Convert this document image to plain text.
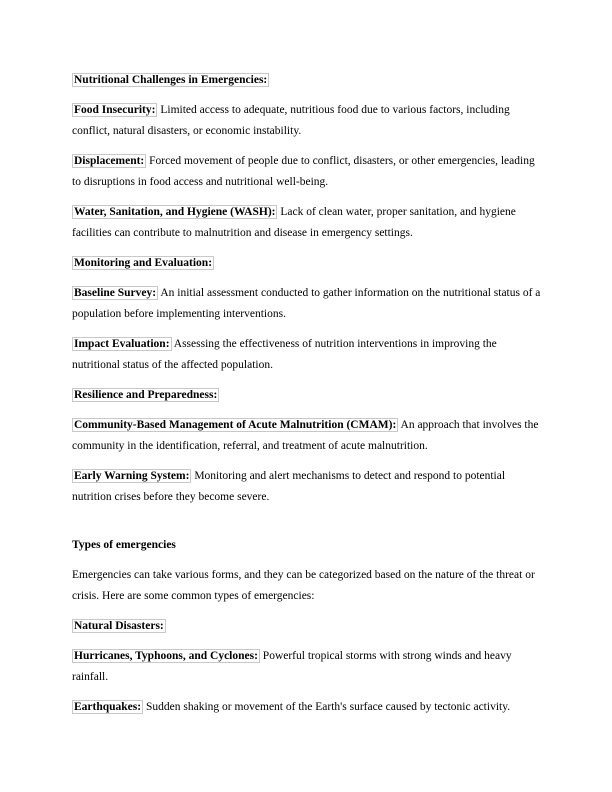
Nutritional Challenges in Emergencies:

Food Insecurity: Limited access to adequate, nutritious food due to various factors, including conflict, natural disasters, or economic instability.

Displacement: Forced movement of people due to conflict, disasters, or other emergencies, leading to disruptions in food access and nutritional well-being.

Water, Sanitation, and Hygiene (WASH): Lack of clean water, proper sanitation, and hygiene facilities can contribute to malnutrition and disease in emergency settings.

Monitoring and Evaluation:

Baseline Survey: An initial assessment conducted to gather information on the nutritional status of a population before implementing interventions.

Impact Evaluation: Assessing the effectiveness of nutrition interventions in improving the nutritional status of the affected population.

Resilience and Preparedness:

Community-Based Management of Acute Malnutrition (CMAM): An approach that involves the community in the identification, referral, and treatment of acute malnutrition.

Early Warning System: Monitoring and alert mechanisms to detect and respond to potential nutrition crises before they become severe.

Types of emergencies

Emergencies can take various forms, and they can be categorized based on the nature of the threat or crisis. Here are some common types of emergencies:

Natural Disasters:

Hurricanes, Typhoons, and Cyclones: Powerful tropical storms with strong winds and heavy rainfall.

Earthquakes: Sudden shaking or movement of the Earth's surface caused by tectonic activity.
